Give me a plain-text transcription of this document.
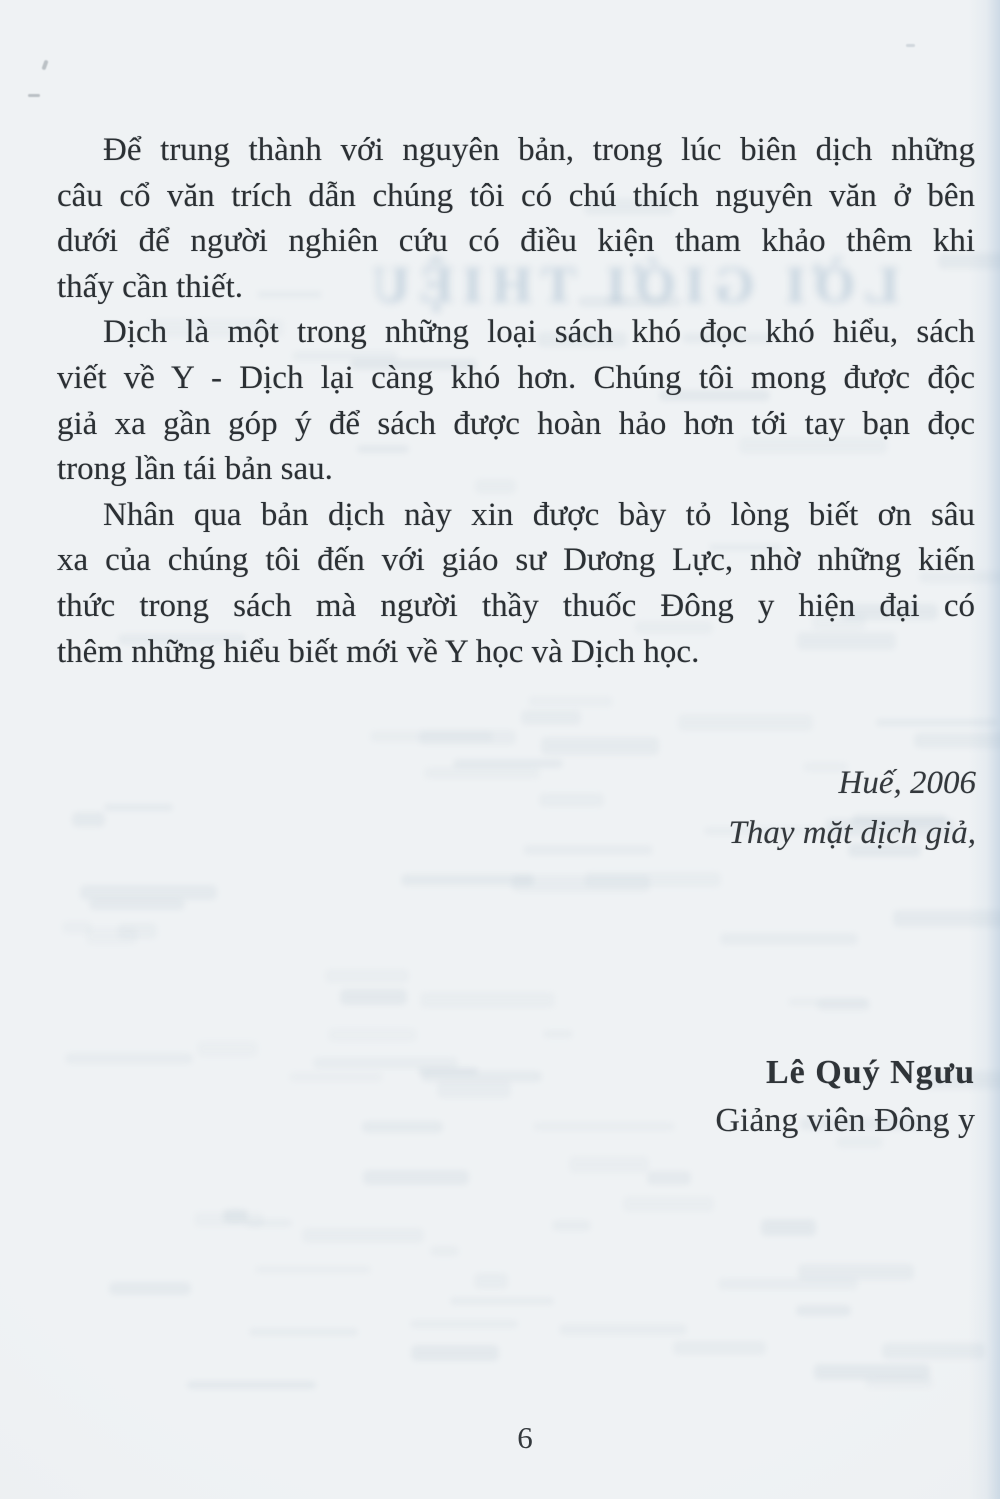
LỜI GIỚI THIỆU
Để trung thành với nguyên bản, trong lúc biên dịch những
câu cổ văn trích dẫn chúng tôi có chú thích nguyên văn ở bên
dưới để người nghiên cứu có điều kiện tham khảo thêm khi
thấy cần thiết.
Dịch là một trong những loại sách khó đọc khó hiểu, sách
viết về Y - Dịch lại càng khó hơn. Chúng tôi mong được độc
giả xa gần góp ý để sách được hoàn hảo hơn tới tay bạn đọc
trong lần tái bản sau.
Nhân qua bản dịch này xin được bày tỏ lòng biết ơn sâu
xa của chúng tôi đến với giáo sư Dương Lực, nhờ những kiến
thức trong sách mà người thầy thuốc Đông y hiện đại có
thêm những hiểu biết mới về Y học và Dịch học.
Huế, 2006
Thay mặt dịch giả,
Lê Quý Ngưu
Giảng viên Đông y
6
